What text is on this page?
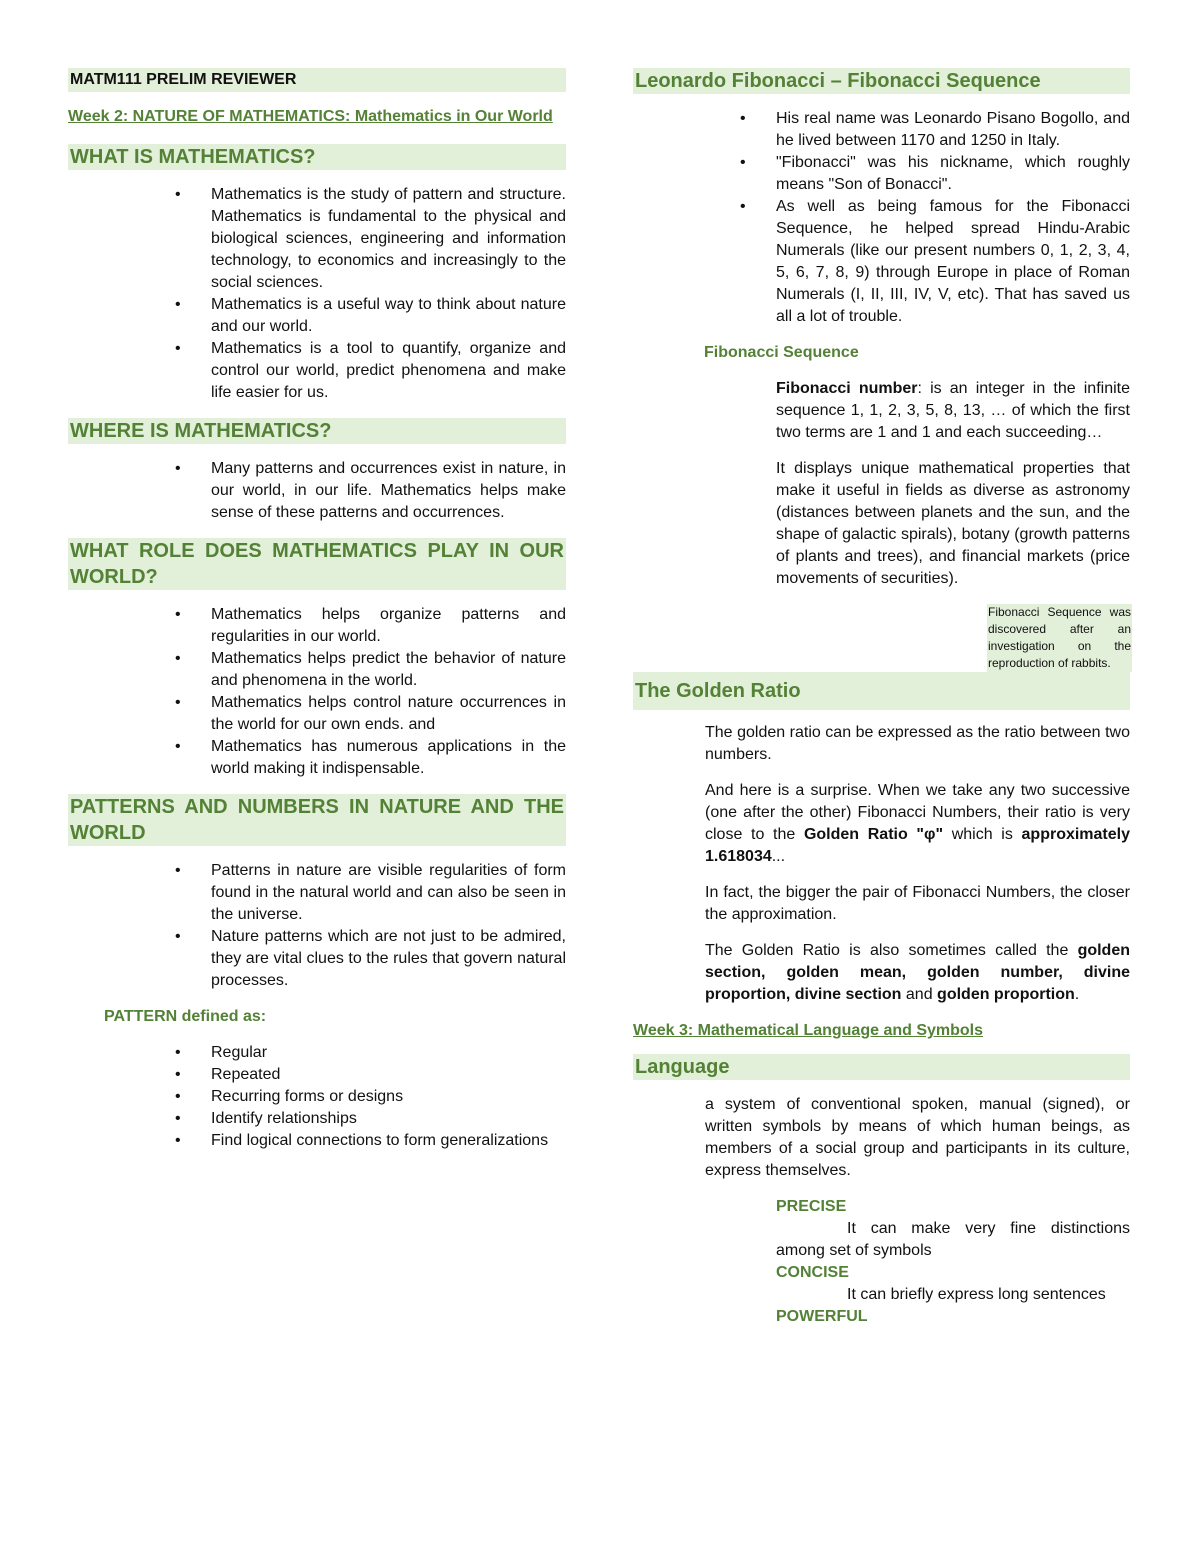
MATM111 PRELIM REVIEWER
Week 2: NATURE OF MATHEMATICS: Mathematics in Our World
WHAT IS MATHEMATICS?
• Mathematics is the study of pattern and structure. Mathematics is fundamental to the physical and biological sciences, engineering and information technology, to economics and increasingly to the social sciences.
• Mathematics is a useful way to think about nature and our world.
• Mathematics is a tool to quantify, organize and control our world, predict phenomena and make life easier for us.
WHERE IS MATHEMATICS?
• Many patterns and occurrences exist in nature, in our world, in our life. Mathematics helps make sense of these patterns and occurrences.
WHAT ROLE DOES MATHEMATICS PLAY IN OUR WORLD?
• Mathematics helps organize patterns and regularities in our world.
• Mathematics helps predict the behavior of nature and phenomena in the world.
• Mathematics helps control nature occurrences in the world for our own ends. and
• Mathematics has numerous applications in the world making it indispensable.
PATTERNS AND NUMBERS IN NATURE AND THE WORLD
• Patterns in nature are visible regularities of form found in the natural world and can also be seen in the universe.
• Nature patterns which are not just to be admired, they are vital clues to the rules that govern natural processes.
PATTERN defined as:
• Regular
• Repeated
• Recurring forms or designs
• Identify relationships
• Find logical connections to form generalizations
Leonardo Fibonacci – Fibonacci Sequence
• His real name was Leonardo Pisano Bogollo, and he lived between 1170 and 1250 in Italy.
• "Fibonacci" was his nickname, which roughly means "Son of Bonacci".
• As well as being famous for the Fibonacci Sequence, he helped spread Hindu-Arabic Numerals (like our present numbers 0, 1, 2, 3, 4, 5, 6, 7, 8, 9) through Europe in place of Roman Numerals (I, II, III, IV, V, etc). That has saved us all a lot of trouble.
Fibonacci Sequence
Fibonacci number: is an integer in the infinite sequence 1, 1, 2, 3, 5, 8, 13, … of which the first two terms are 1 and 1 and each succeeding…
It displays unique mathematical properties that make it useful in fields as diverse as astronomy (distances between planets and the sun, and the shape of galactic spirals), botany (growth patterns of plants and trees), and financial markets (price movements of securities).
Fibonacci Sequence was discovered after an investigation on the reproduction of rabbits.
The Golden Ratio
The golden ratio can be expressed as the ratio between two numbers.
And here is a surprise. When we take any two successive (one after the other) Fibonacci Numbers, their ratio is very close to the Golden Ratio "φ" which is approximately 1.618034...
In fact, the bigger the pair of Fibonacci Numbers, the closer the approximation.
The Golden Ratio is also sometimes called the golden section, golden mean, golden number, divine proportion, divine section and golden proportion.
Week 3: Mathematical Language and Symbols
Language
a system of conventional spoken, manual (signed), or written symbols by means of which human beings, as members of a social group and participants in its culture, express themselves.
PRECISE
It can make very fine distinctions among set of symbols
CONCISE
It can briefly express long sentences
POWERFUL
